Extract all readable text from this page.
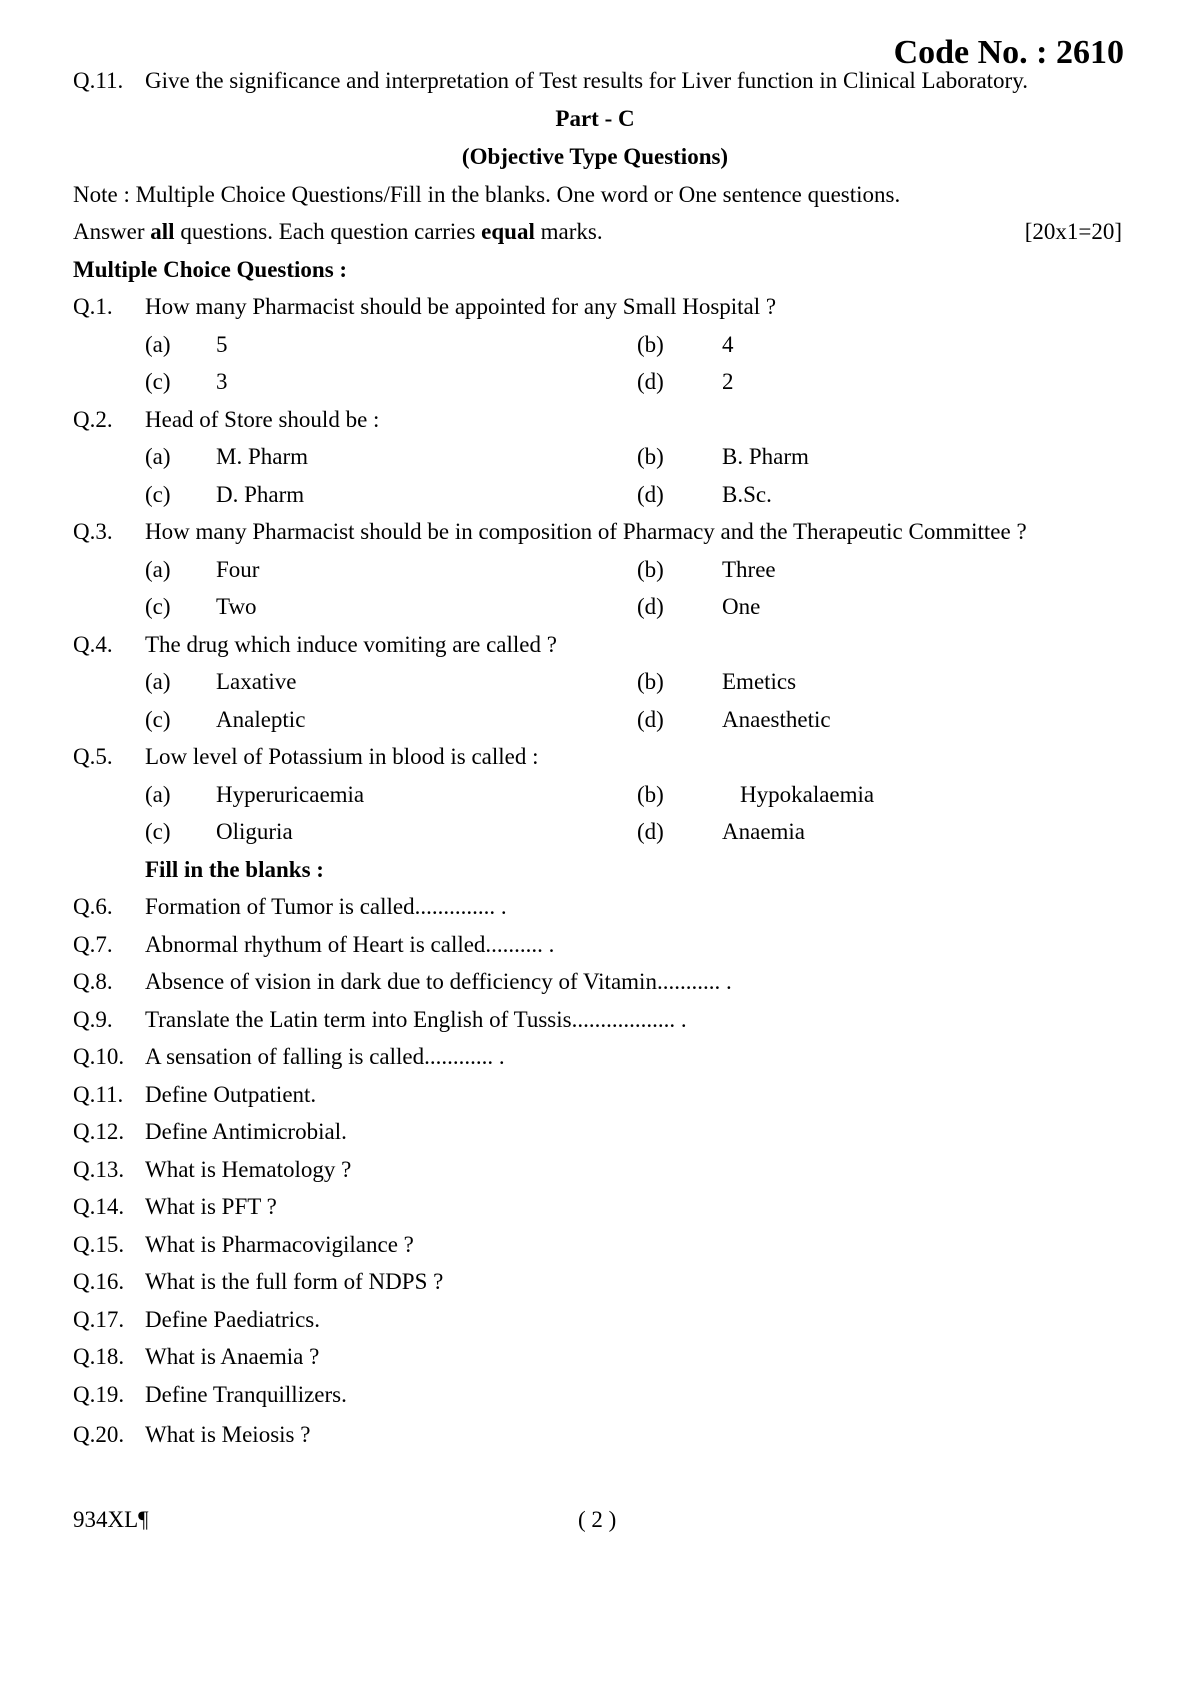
Code No. : 2610
Q.11. Give the significance and interpretation of Test results for Liver function in Clinical Laboratory.
Part - C
(Objective Type Questions)
Note : Multiple Choice Questions/Fill in the blanks. One word or One sentence questions.
Answer all questions. Each question carries equal marks.	[20x1=20]
Multiple Choice Questions :
Q.1. How many Pharmacist should be appointed for any Small Hospital ?
(a) 5	(b)	4
(c) 3	(d)	2
Q.2. Head of Store should be :
(a) M. Pharm	(b)	B. Pharm
(c) D. Pharm	(d)	B.Sc.
Q.3. How many Pharmacist should be in composition of Pharmacy and the Therapeutic Committee ?
(a) Four	(b)	Three
(c) Two	(d)	One
Q.4. The drug which induce vomiting are called ?
(a) Laxative	(b)	Emetics
(c) Analeptic	(d)	Anaesthetic
Q.5. Low level of Potassium in blood is called :
(a) Hyperuricaemia	(b)	Hypokalaemia
(c) Oliguria	(d)	Anaemia
Fill in the blanks :
Q.6. Formation of Tumor is called.............. .
Q.7. Abnormal rhythum of Heart is called.......... .
Q.8. Absence of vision in dark due to defficiency of Vitamin........... .
Q.9. Translate the Latin term into English of Tussis.................. .
Q.10. A sensation of falling is called............ .
Q.11. Define Outpatient.
Q.12. Define Antimicrobial.
Q.13. What is Hematology ?
Q.14. What is PFT ?
Q.15. What is Pharmacovigilance ?
Q.16. What is the full form of NDPS ?
Q.17. Define Paediatrics.
Q.18. What is Anaemia ?
Q.19. Define Tranquillizers.
Q.20. What is Meiosis ?
934XL¶	( 2 )
